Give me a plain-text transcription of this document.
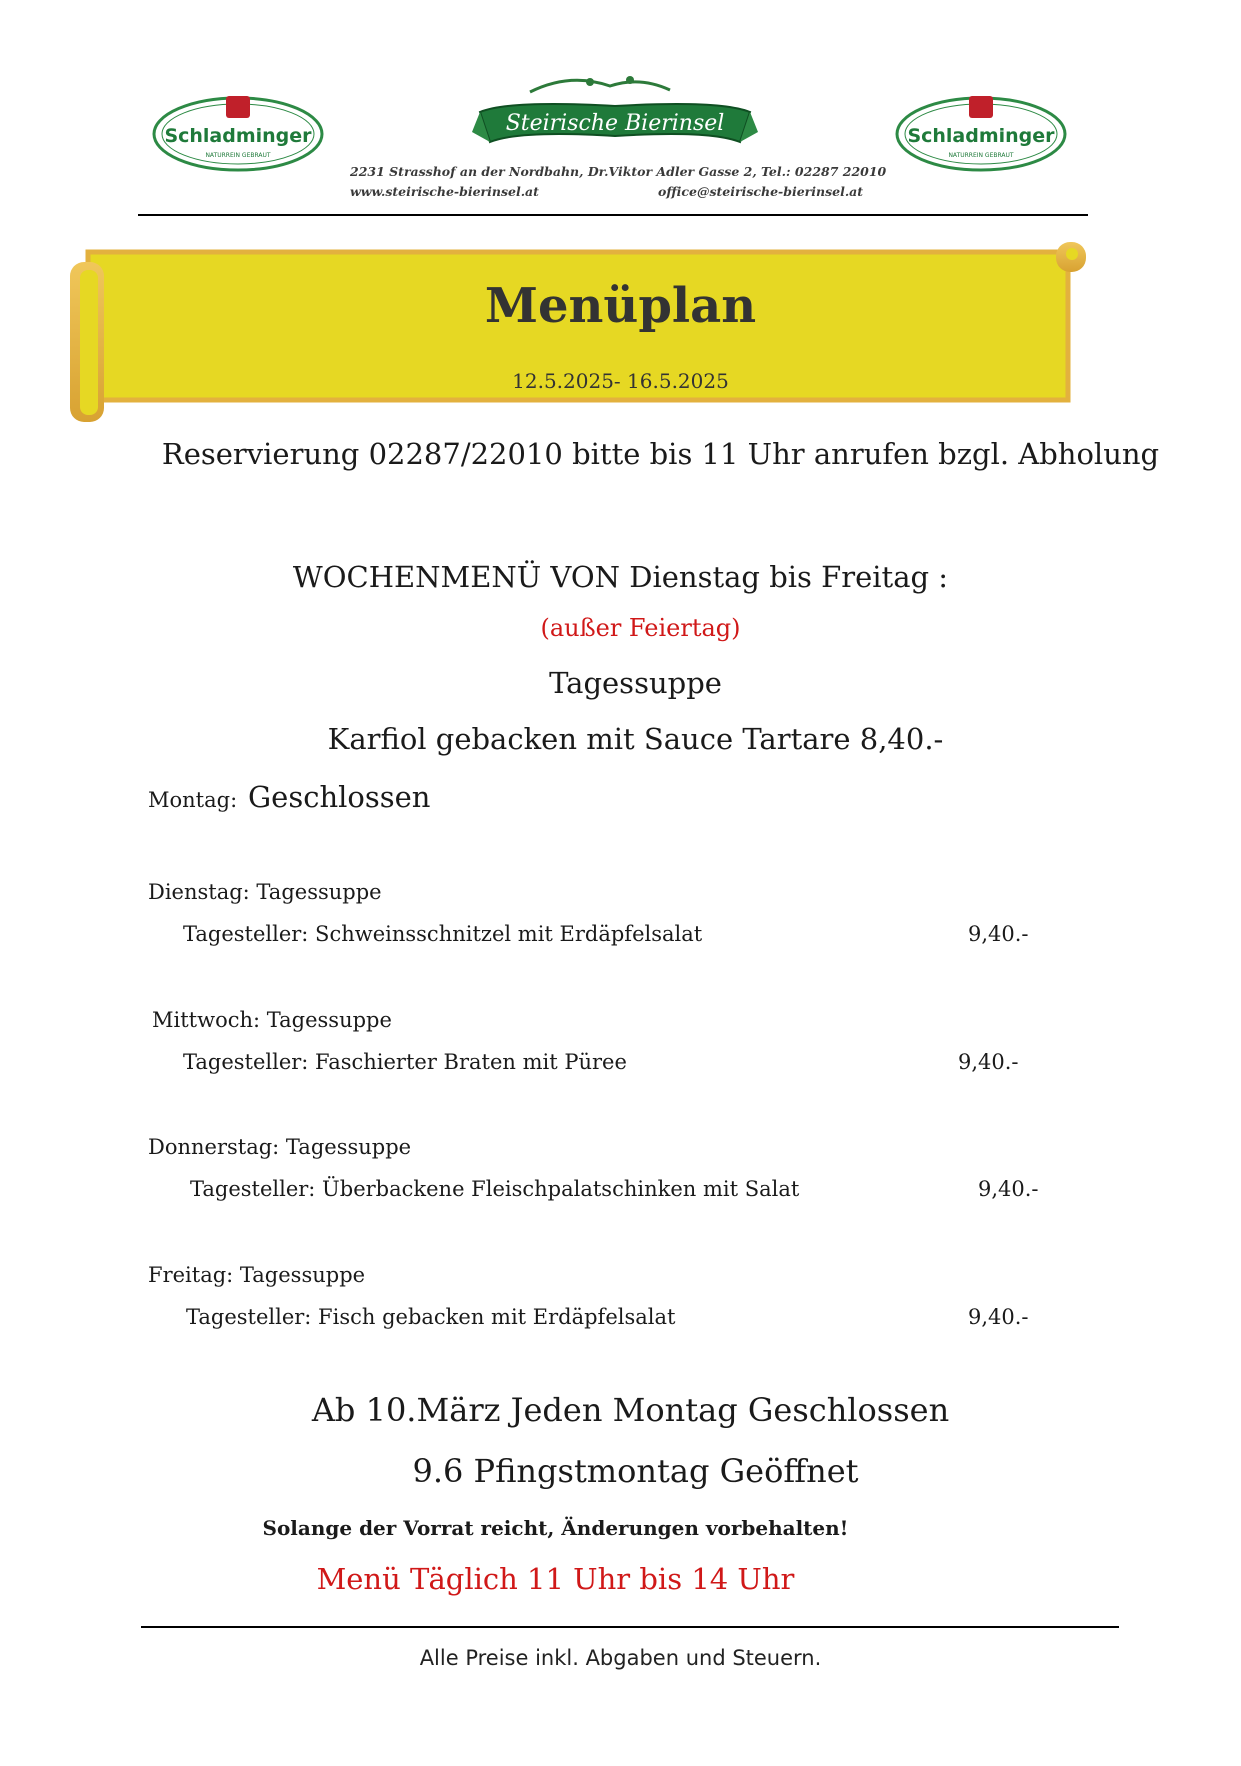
Schladminger
NATURREIN GEBRAUT
Schladminger
NATURREIN GEBRAUT
Steirische Bierinsel
2231 Strasshof an der Nordbahn, Dr.Viktor Adler Gasse 2, Tel.: 02287 22010
www.steirische-bierinsel.at	office@steirische-bierinsel.at
Menüplan
12.5.2025- 16.5.2025
Reservierung 02287/22010 bitte bis 11 Uhr anrufen bzgl. Abholung
WOCHENMENÜ VON Dienstag bis Freitag :
(außer Feiertag)
Tagessuppe
Karfiol gebacken mit Sauce Tartare 8,40.-
Montag: Geschlossen
Dienstag: Tagessuppe
Tagesteller: Schweinsschnitzel mit Erdäpfelsalat	9,40.-
Mittwoch: Tagessuppe
Tagesteller: Faschierter Braten mit Püree	9,40.-
Donnerstag: Tagessuppe
Tagesteller: Überbackene Fleischpalatschinken mit Salat	9,40.-
Freitag: Tagessuppe
Tagesteller: Fisch gebacken mit Erdäpfelsalat	9,40.-
Ab 10.März Jeden Montag Geschlossen
9.6 Pfingstmontag Geöffnet
Solange der Vorrat reicht, Änderungen vorbehalten!
Menü Täglich 11 Uhr bis 14 Uhr
Alle Preise inkl. Abgaben und Steuern.
